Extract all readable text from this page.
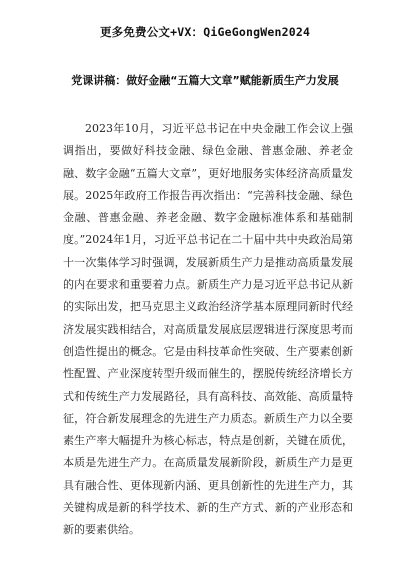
更多免费公文+VX：QiGeGongWen2024
党课讲稿：做好金融“五篇大文章”赋能新质生产力发展

2023年10月，习近平总书记在中央金融工作会议上强调指出，要做好科技金融、绿色金融、普惠金融、养老金融、数字金融“五篇大文章”，更好地服务实体经济高质量发展。2025年政府工作报告再次指出：“完善科技金融、绿色金融、普惠金融、养老金融、数字金融标准体系和基础制度。”2024年1月，习近平总书记在二十届中共中央政治局第十一次集体学习时强调，发展新质生产力是推动高质量发展的内在要求和重要着力点。新质生产力是习近平总书记从新的实际出发，把马克思主义政治经济学基本原理同新时代经济发展实践相结合，对高质量发展底层逻辑进行深度思考而创造性提出的概念。它是由科技革命性突破、生产要素创新性配置、产业深度转型升级而催生的，摆脱传统经济增长方式和传统生产力发展路径，具有高科技、高效能、高质量特征，符合新发展理念的先进生产力质态。新质生产力以全要素生产率大幅提升为核心标志，特点是创新，关键在质优，本质是先进生产力。在高质量发展新阶段，新质生产力是更具有融合性、更体现新内涵、更具创新性的先进生产力，其关键构成是新的科学技术、新的生产方式、新的产业形态和新的要素供给。
